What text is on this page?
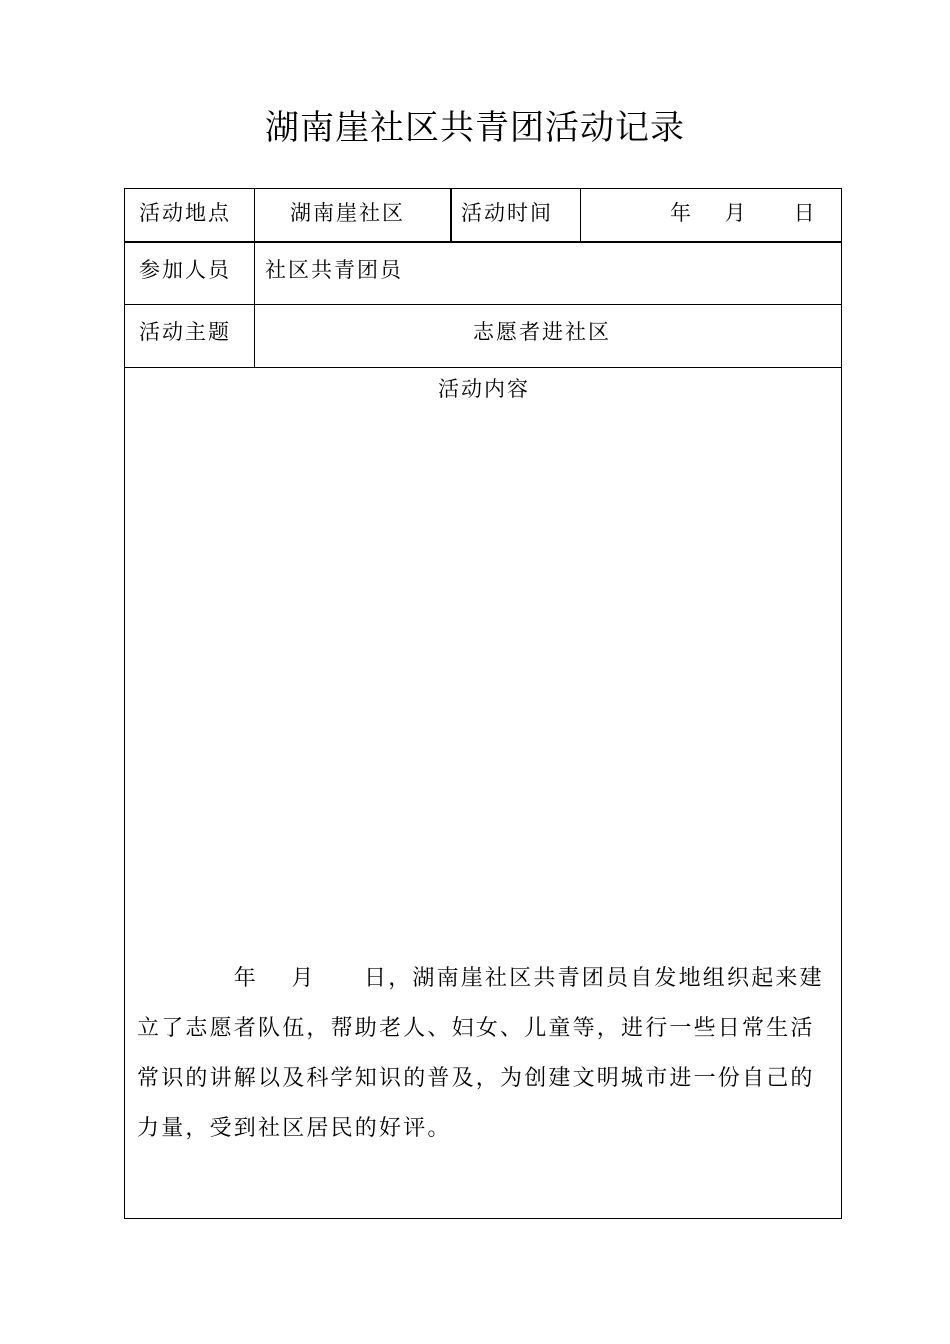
湖南崖社区共青团活动记录
活动地点	湖南崖社区	活动时间	年　 月　　日
参加人员 社区共青团员
活动主题	志愿者进社区
活动内容
　　　　年　 月　　日，湖南崖社区共青团员自发地组织起来建立了志愿者队伍，帮助老人、妇女、儿童等，进行一些日常生活常识的讲解以及科学知识的普及，为创建文明城市进一份自己的力量，受到社区居民的好评。
